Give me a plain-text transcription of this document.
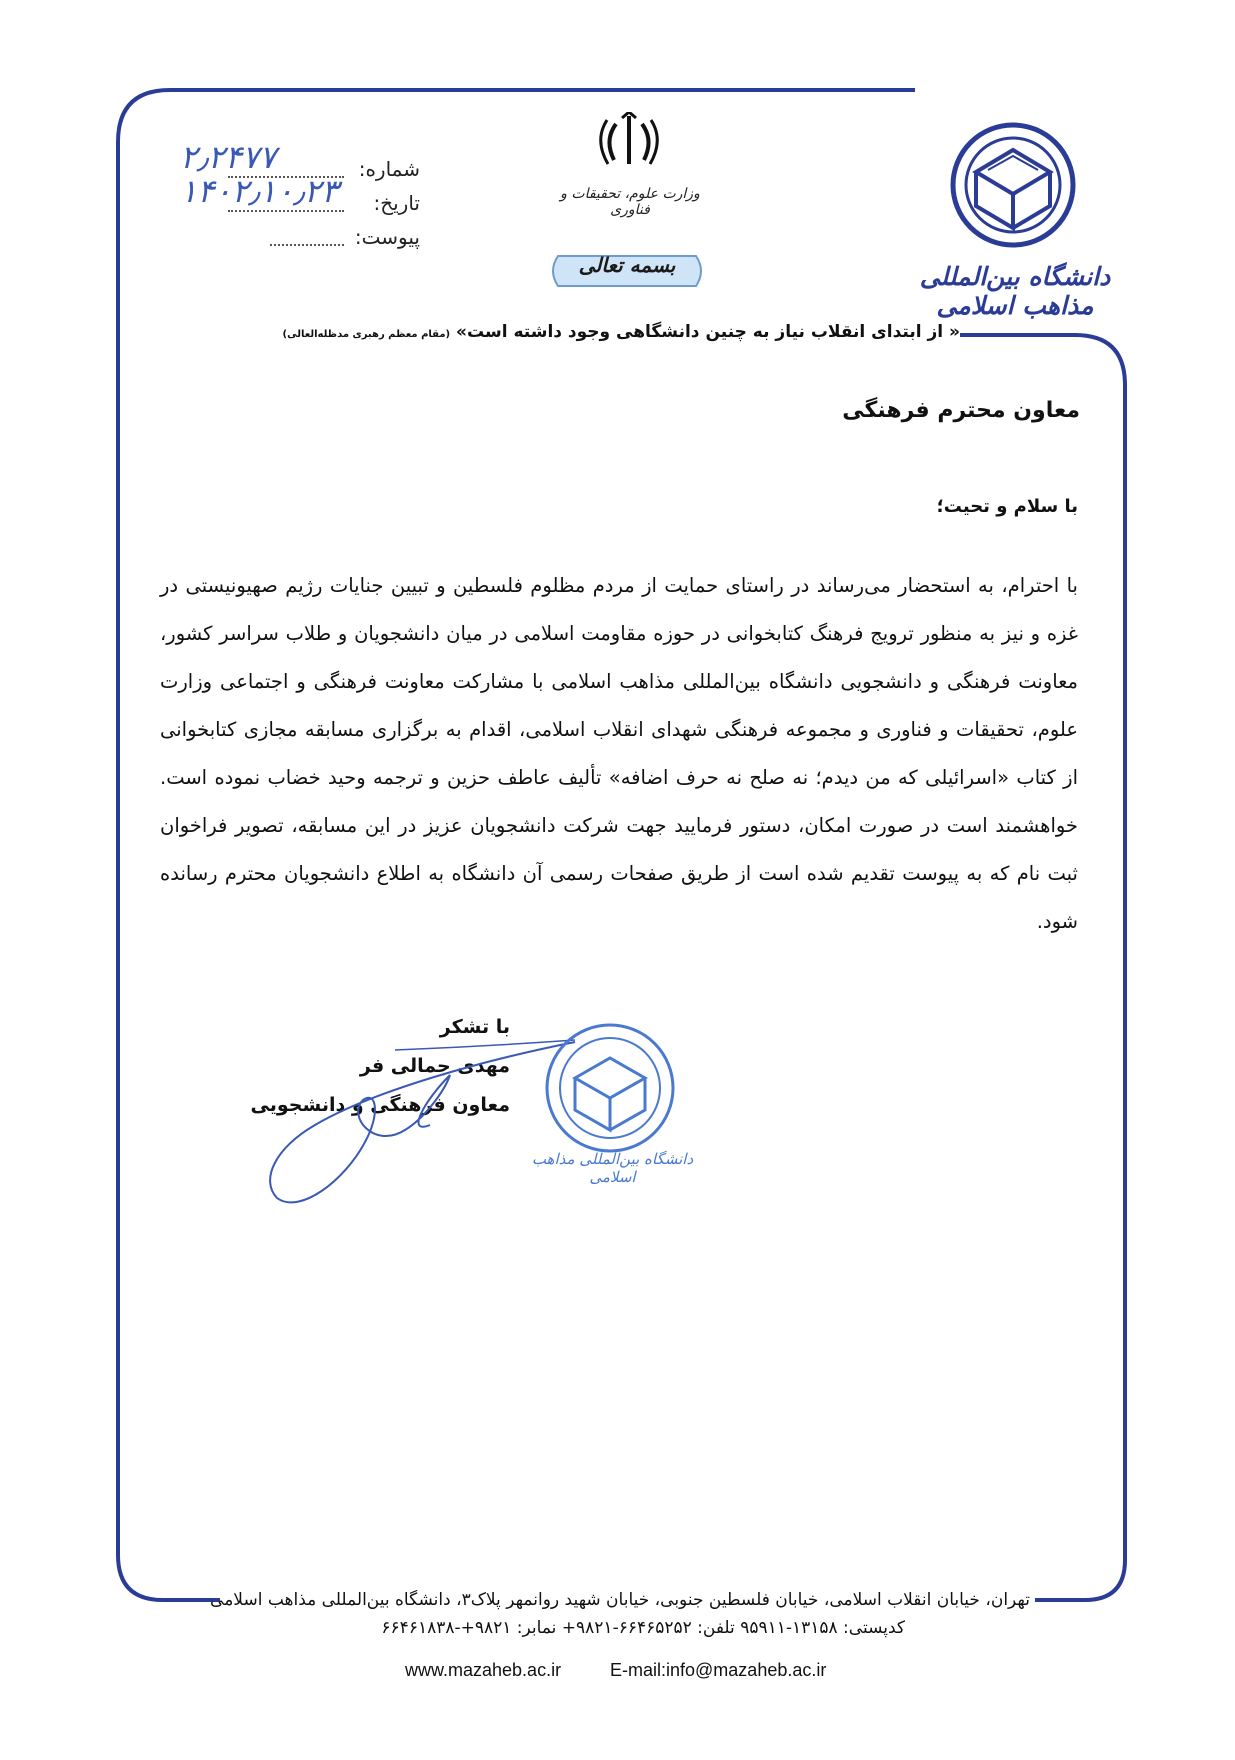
دانشگاه بین‌المللی مذاهب اسلامی
وزارت علوم، تحقیقات و فناوری
بسمه تعالی
شماره:
۲٫۲۴۷۷
تاریخ:
۱۴۰۲٫۱۰٫۲۳
پیوست:
« از ابتدای انقلاب نیاز به چنین دانشگاهی وجود داشته است» (مقام معظم رهبری مدظله‌العالی)
معاون محترم فرهنگی
با سلام و تحیت؛
با احترام، به استحضار می‌رساند در راستای حمایت از مردم مظلوم فلسطین و تبیین جنایات رژیم صهیونیستی در غزه و نیز به منظور ترویج فرهنگ کتابخوانی در حوزه مقاومت اسلامی در میان دانشجویان و طلاب سراسر کشور، معاونت فرهنگی و دانشجویی دانشگاه بین‌المللی مذاهب اسلامی با مشارکت معاونت فرهنگی و اجتماعی وزارت علوم، تحقیقات و فناوری و مجموعه فرهنگی شهدای انقلاب اسلامی، اقدام به برگزاری مسابقه مجازی کتابخوانی از کتاب «اسرائیلی که من دیدم؛ نه صلح نه حرف اضافه» تألیف عاطف حزین و ترجمه وحید خضاب نموده است. خواهشمند است در صورت امکان، دستور فرمایید جهت شرکت دانشجویان عزیز در این مسابقه، تصویر فراخوان ثبت نام که به پیوست تقدیم شده است از طریق صفحات رسمی آن دانشگاه به اطلاع دانشجویان محترم رسانده شود.
با تشکر
مهدی جمالی فر
معاون فرهنگی و دانشجویی
دانشگاه بین‌المللی مذاهب اسلامی
تهران، خیابان انقلاب اسلامی، خیابان فلسطین جنوبی، خیابان شهید روانمهر پلاک۳، دانشگاه بین‌المللی مذاهب اسلامی
کدپستی: ۱۳۱۵۸-۹۵۹۱۱ تلفن: ۶۶۴۶۵۲۵۲-۹۸۲۱+ نمابر: ۹۸۲۱+-۶۶۴۶۱۸۳۸
www.mazaheb.ac.ir	E-mail:info@mazaheb.ac.ir
